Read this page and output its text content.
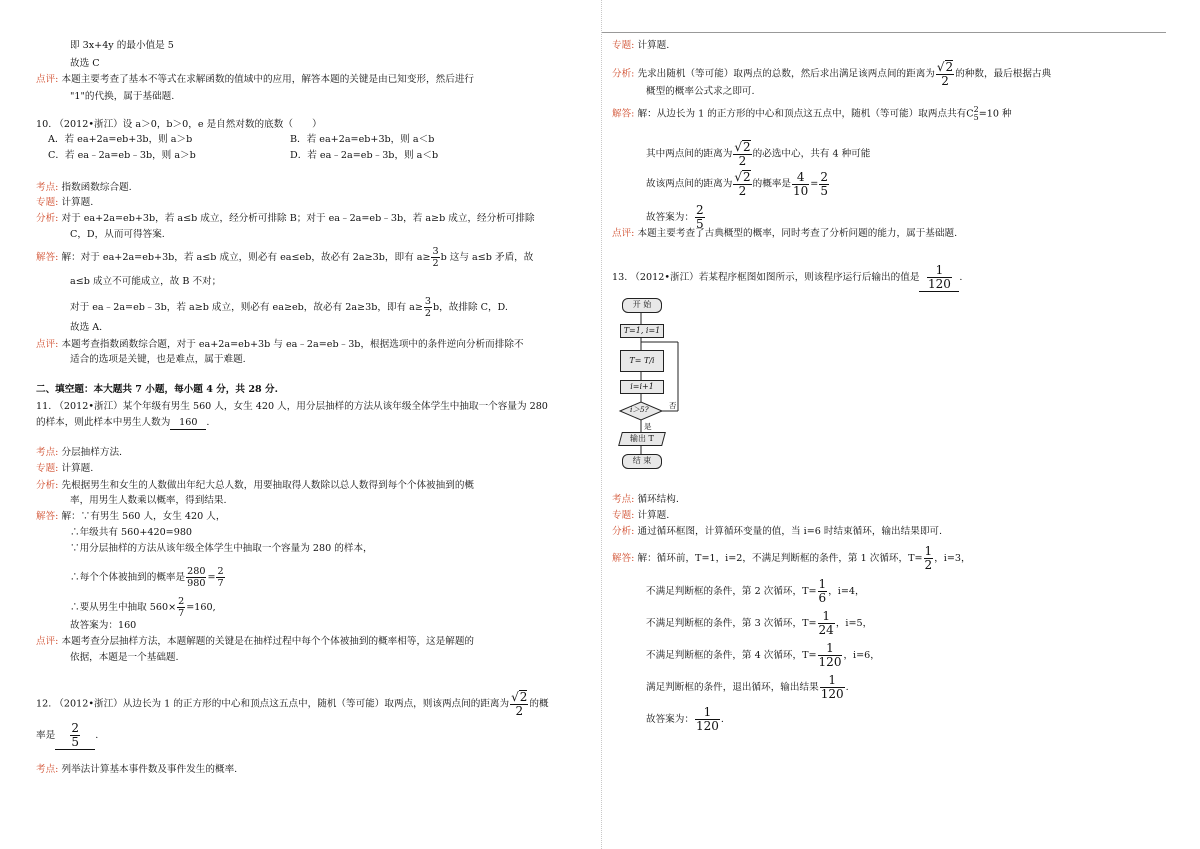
即 3x+4y 的最小值是 5
故选 C
点评: 本题主要考查了基本不等式在求解函数的值域中的应用，解答本题的关键是由已知变形，然后进行
"1"的代换，属于基础题.
10. （2012•浙江）设 a＞0，b＞0，e 是自然对数的底数（　　）
A．若 ea+2a=eb+3b，则 a＞b	B．若 ea+2a=eb+3b，则 a＜b
C．若 ea﹣2a=eb﹣3b，则 a＞b	D．若 ea﹣2a=eb﹣3b，则 a＜b
考点: 指数函数综合题.
专题: 计算题.
分析: 对于 ea+2a=eb+3b，若 a≤b 成立，经分析可排除 B；对于 ea﹣2a=eb﹣3b，若 a≥b 成立，经分析可排除
C，D，从而可得答案.
解答: 解：对于 ea+2a=eb+3b，若 a≤b 成立，则必有 ea≤eb，故必有 2a≥3b，即有 $a\ge \frac{3}{2}$ b 这与 a≤b 矛盾，故
a≤b 成立不可能成立，故 B 不对；
对于 ea﹣2a=eb﹣3b，若 a≥b 成立，则必有 ea≥eb，故必有 2a≥3b，即有 $a\ge \frac{3}{2}$ b，故排除 C，D.
故选 A.
点评: 本题考查指数函数综合题，对于 ea+2a=eb+3b 与 ea﹣2a=eb﹣3b，根据选项中的条件逆向分析而排除不
适合的选项是关键，也是难点，属于难题.
二、填空题：本大题共 7 小题，每小题 4 分，共 28 分.
11. （2012•浙江）某个年级有男生 560 人，女生 420 人，用分层抽样的方法从该年级全体学生中抽取一个容量为 280
的样本，则此样本中男生人数为 160 .
考点: 分层抽样方法.
专题: 计算题.
分析: 先根据男生和女生的人数做出年纪大总人数，用要抽取得人数除以总人数得到每个个体被抽到的概
率，用男生人数乘以概率，得到结果.
解答: 解：∵有男生 560 人，女生 420 人，
∴年级共有 560+420=980
∵用分层抽样的方法从该年级全体学生中抽取一个容量为 280 的样本，
∴每个个体被抽到的概率是 $\frac{280}{980} = \frac{2}{7}$
∴要从男生中抽取 $560\times \frac{2}{7} =160$,
故答案为：160
点评: 本题考查分层抽样方法，本题解题的关键是在抽样过程中每个个体被抽到的概率相等，这是解题的
依据，本题是一个基础题.
12. （2012•浙江）从边长为 1 的正方形的中心和顶点这五点中，随机（等可能）取两点，则该两点间的距离为 $\frac{√2}{2}$ 的概
率是 $\frac{2}{5}$ .
考点: 列举法计算基本事件数及事件发生的概率.
专题: 计算题.
分析: 先求出随机（等可能）取两点的总数，然后求出满足该两点间的距离为 $\frac{√2}{2}$ 的种数，最后根据古典
概型的概率公式求之即可.
解答: 解：从边长为 1 的正方形的中心和顶点这五点中，随机（等可能）取两点共有C 2
5 =10 种
其中两点间的距离为 $\frac{√2}{2}$ 的必选中心，共有 4 种可能
故该两点间的距离为 $\frac{√2}{2}$ 的概率是 $\frac{4}{10} = \frac{2}{5}$
故答案为： $\frac{2}{5}$
点评: 本题主要考查了古典概型的概率，同时考查了分析问题的能力，属于基础题.
13. （2012•浙江）若某程序框图如图所示，则该程序运行后输出的值是 $\frac{1}{120}$ .
开 始
T=1, i=1
T= T/i
i=i+1
i＞5?	否
是
输出 T
结 束
考点: 循环结构.
专题: 计算题.
分析: 通过循环框图，计算循环变量的值，当 i=6 时结束循环，输出结果即可.
解答: 解：循环前，T=1，i=2，不满足判断框的条件，第 1 次循环，$T= \frac{1}{2}$ ，i=3，
不满足判断框的条件，第 2 次循环，$T= \frac{1}{6}$ ，i=4，
不满足判断框的条件，第 3 次循环，$T= \frac{1}{24}$ ，i=5，
不满足判断框的条件，第 4 次循环，$T= \frac{1}{120}$ ，i=6，
满足判断框的条件，退出循环，输出结果 $\frac{1}{120}$ .
故答案为： $\frac{1}{120}$ .
